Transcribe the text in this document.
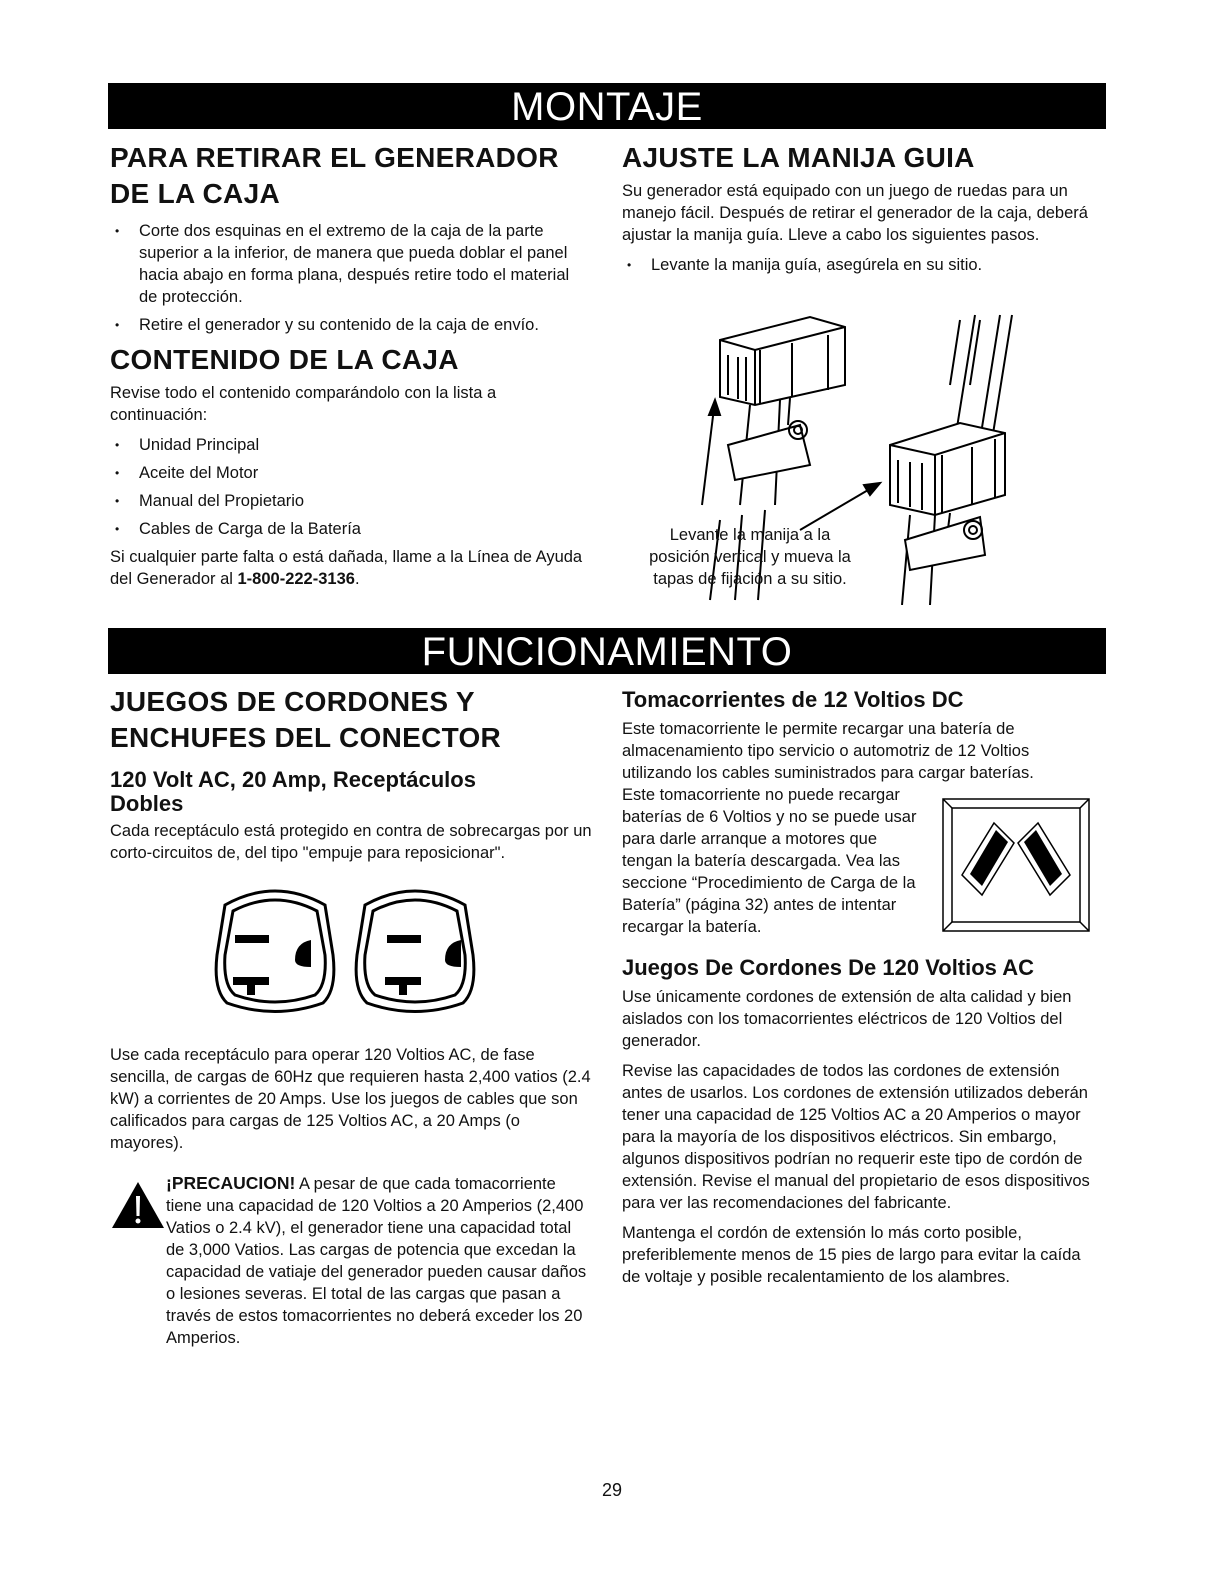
MONTAJE
PARA RETIRAR EL GENERADOR
DE LA CAJA
• Corte dos esquinas en el extremo de la caja de la parte superior a la inferior, de manera que pueda doblar el panel hacia abajo en forma plana, después retire todo el material de protección.
• Retire el generador y su contenido de la caja de envío.
CONTENIDO DE LA CAJA

Revise todo el contenido comparándolo con la lista a continuación:

• Unidad Principal
• Aceite del Motor
• Manual del Propietario
• Cables de Carga de la Batería

Si cualquier parte falta o está dañada, llame a la Línea de Ayuda del Generador al 1-800-222-3136.

AJUSTE LA MANIJA GUIA

Su generador está equipado con un juego de ruedas para un manejo fácil. Después de retirar el generador de la caja, deberá ajustar la manija guía. Lleve a cabo los siguientes pasos.

• Levante la manija guía, asegúrela en su sitio.
Levante la manija a la
posición vertical y mueva la
tapas de fijación a su sitio.
FUNCIONAMIENTO
JUEGOS DE CORDONES Y
ENCHUFES DEL CONECTOR
120 Volt AC, 20 Amp, Receptáculos
Dobles

Cada receptáculo está protegido en contra de sobrecargas por un corto-circuitos de, del tipo "empuje para reposicionar".

Use cada receptáculo para operar 120 Voltios AC, de fase sencilla, de cargas de 60Hz que requieren hasta 2,400 vatios (2.4 kW) a corrientes de 20 Amps. Use los juegos de cables que son calificados para cargas de 125 Voltios AC, a 20 Amps (o mayores).

¡PRECAUCION! A pesar de que cada tomacorriente tiene una capacidad de 120 Voltios a 20 Amperios (2,400 Vatios o 2.4 kV), el generador tiene una capacidad total de 3,000 Vatios. Las cargas de potencia que excedan la capacidad de vatiaje del generador pueden causar daños o lesiones severas. El total de las cargas que pasan a través de estos tomacorrientes no deberá exceder los 20 Amperios.

Tomacorrientes de 12 Voltios DC

Este tomacorriente le permite recargar una batería de almacenamiento tipo servicio o automotriz de 12 Voltios utilizando los cables suministrados para cargar baterías.

Este tomacorriente no puede recargar baterías de 6 Voltios y no se puede usar para darle arranque a motores que tengan la batería descargada. Vea las seccione “Procedimiento de Carga de la Batería” (página 32) antes de intentar recargar la batería.

Juegos De Cordones De 120 Voltios AC

Use únicamente cordones de extensión de alta calidad y bien aislados con los tomacorrientes eléctricos de 120 Voltios del generador.

Revise las capacidades de todos las cordones de extensión antes de usarlos. Los cordones de extensión utilizados deberán tener una capacidad de 125 Voltios AC a 20 Amperios o mayor para la mayoría de los dispositivos eléctricos. Sin embargo, algunos dispositivos podrían no requerir este tipo de cordón de extensión. Revise el manual del propietario de esos dispositivos para ver las recomendaciones del fabricante.

Mantenga el cordón de extensión lo más corto posible, preferiblemente menos de 15 pies de largo para evitar la caída de voltaje y posible recalentamiento de los alambres.

29
